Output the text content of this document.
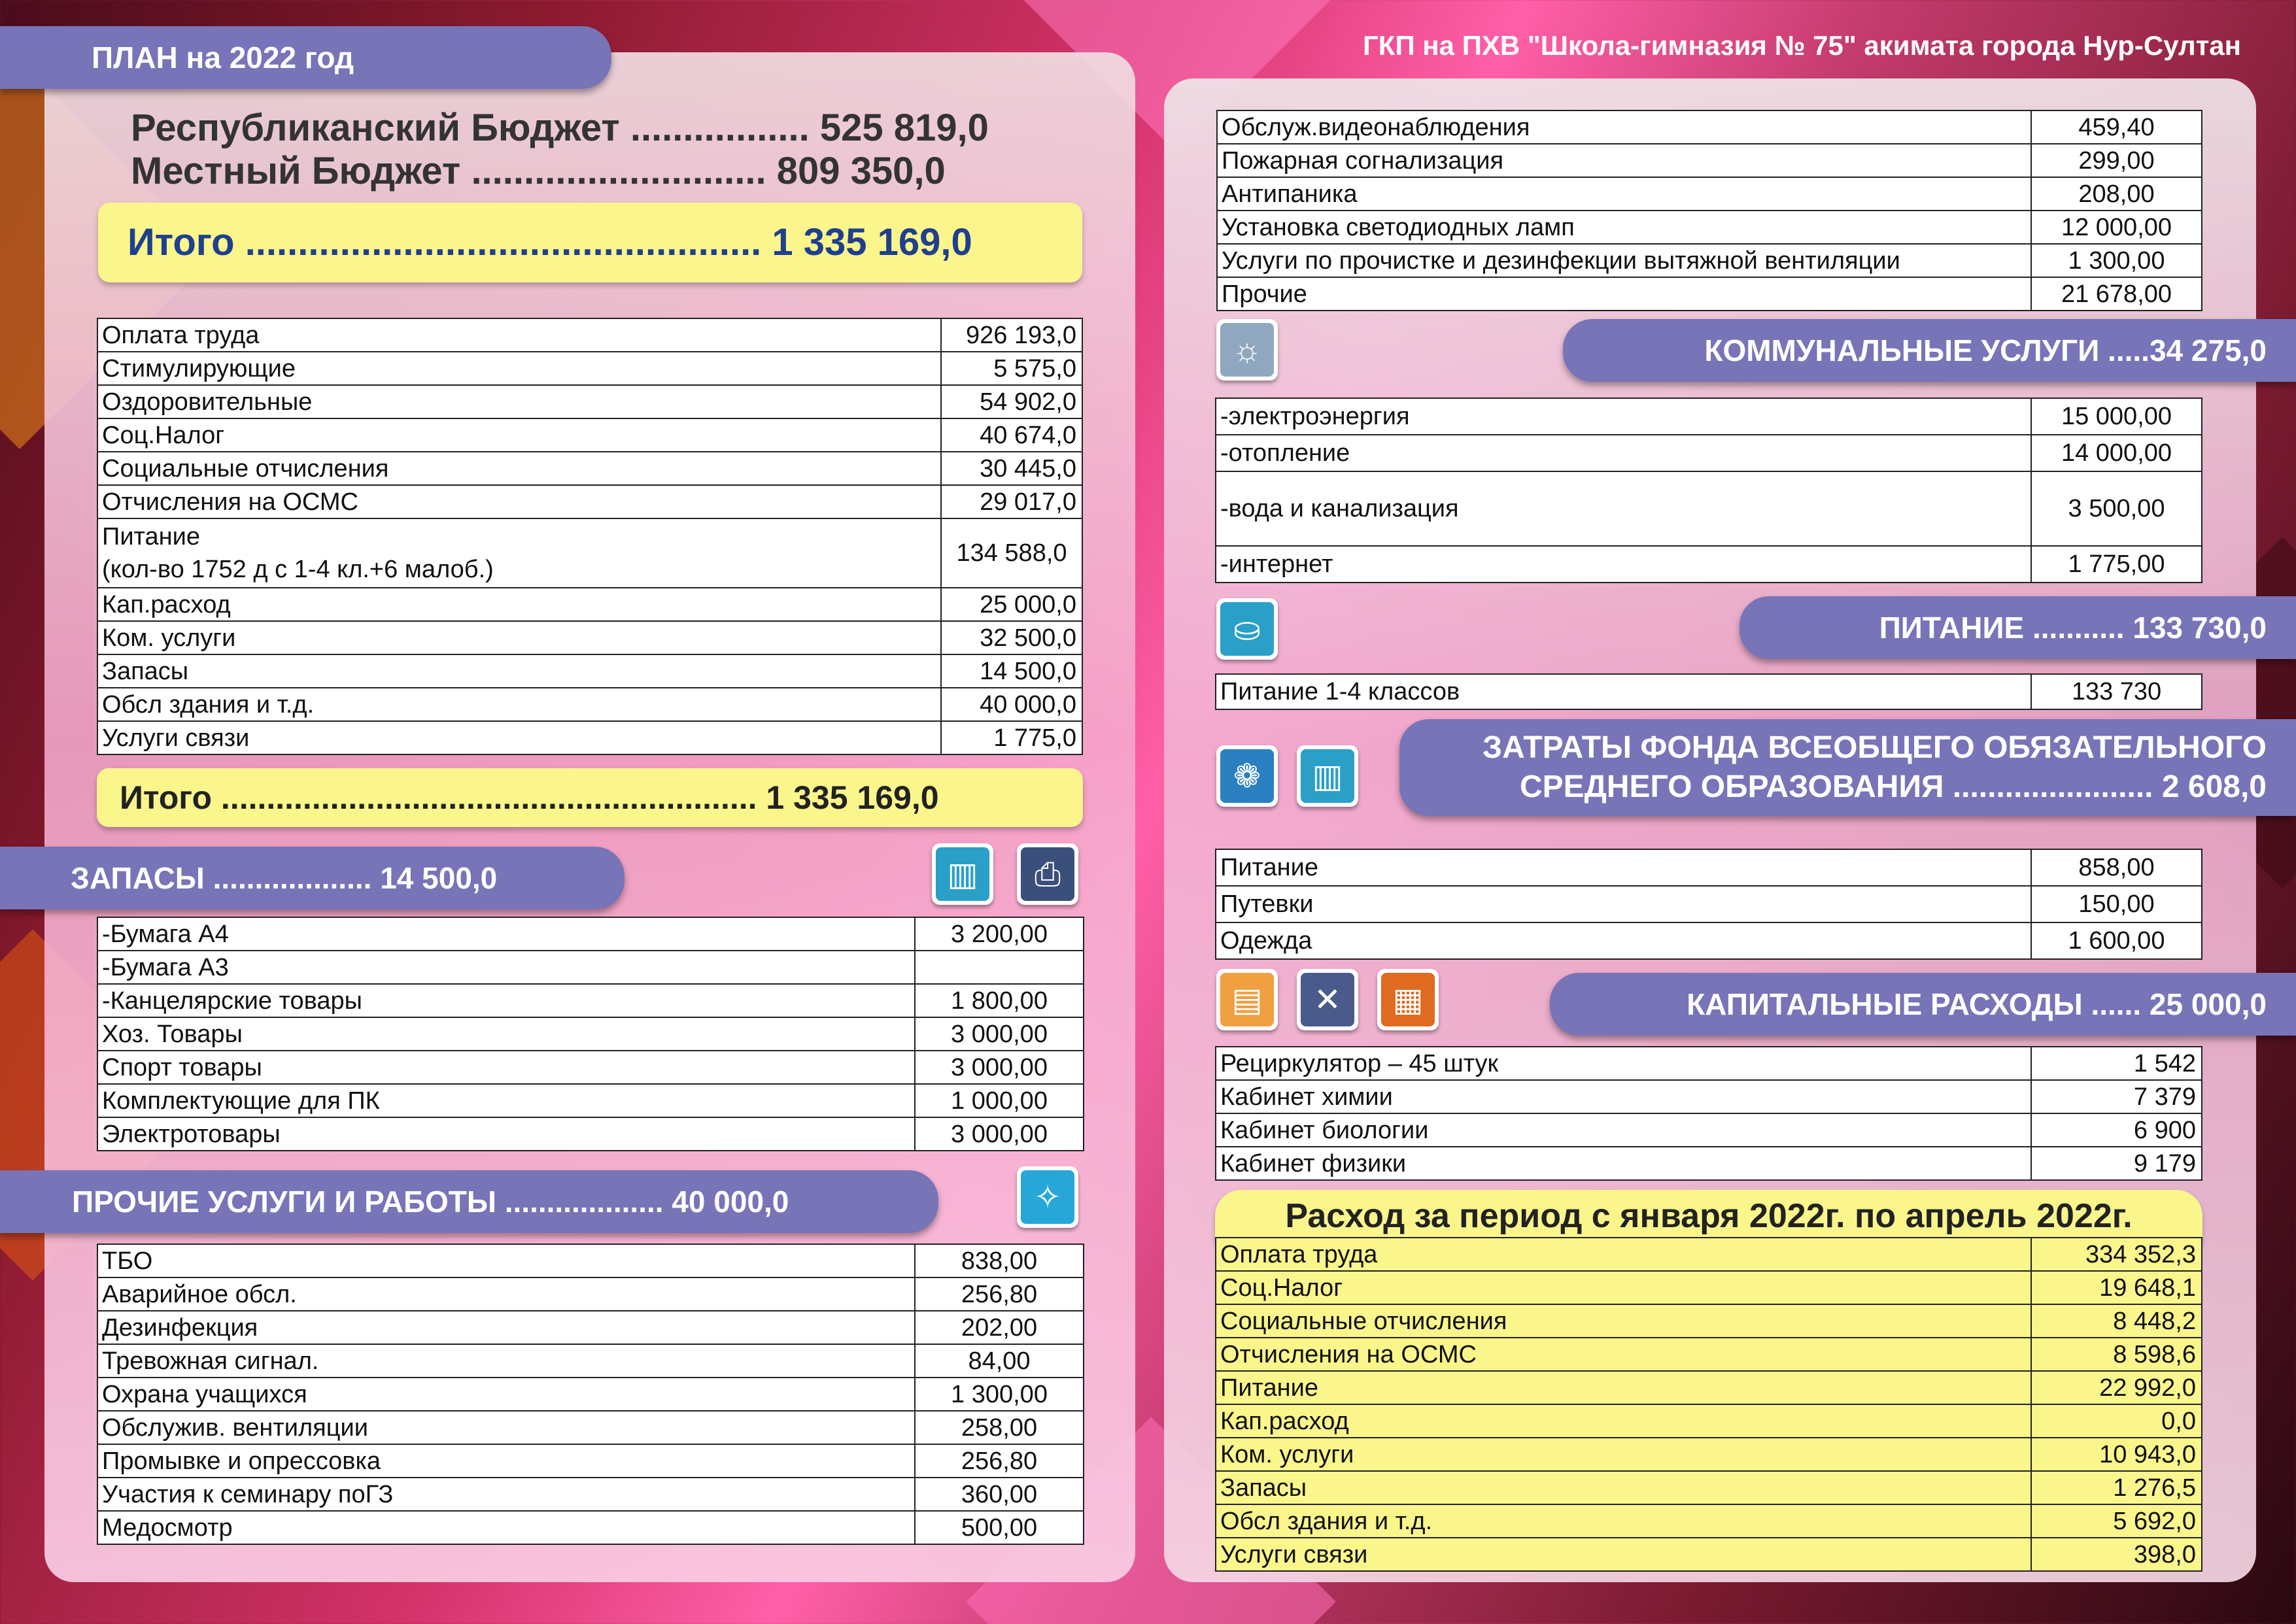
ГКП на ПХВ "Школа-гимназия № 75" акимата города Нур-Султан
ПЛАН на 2022 год
Республиканский Бюджет ................. 525 819,0
Местный Бюджет ............................ 809 350,0
Итого ................................................. 1 335 169,0
Оплата труда	926 193,0
Стимулирующие	5 575,0
Оздоровительные	54 902,0
Соц.Налог	40 674,0
Социальные отчисления	30 445,0
Отчисления на ОСМС	29 017,0

Питание
(кол-во 1752 д с 1-4 кл.+6 малоб.)	134 588,0
Кап.расход	25 000,0
Ком. услуги	32 500,0
Запасы	14 500,0
Обсл здания и т.д.	40 000,0
Услуги связи	1 775,0
Итого ........................................................... 1 335 169,0
ЗАПАСЫ ................... 14 500,0	▥	⎙
-Бумага А4	3 200,00
-Бумага А3	
-Канцелярские товары	1 800,00
Хоз. Товары	3 000,00
Спорт товары	3 000,00
Комплектующие для ПК	1 000,00
Электротовары	3 000,00
ПРОЧИЕ УСЛУГИ И РАБОТЫ ................... 40 000,0	✧
ТБО	838,00
Аварийное обсл.	256,80
Дезинфекция	202,00
Тревожная сигнал.	84,00
Охрана учащихся	1 300,00
Обслужив. вентиляции	258,00
Промывке и опрессовка	256,80
Участия к семинару поГЗ	360,00
Медосмотр	500,00
Обслуж.видеонаблюдения	459,40
Пожарная согнализация	299,00
Антипаника	208,00
Установка светодиодных ламп	12 000,00
Услуги по прочистке и дезинфекции вытяжной вентиляции	1 300,00
Прочие	21 678,00
☼	КОММУНАЛЬНЫЕ УСЛУГИ .....34 275,0
-электроэнергия	15 000,00
-отопление	14 000,00
-вода и канализация	3 500,00
-интернет	1 775,00
⛀	ПИТАНИЕ ........... 133 730,0
Питание 1-4 классов	133 730
❁	▥
ЗАТРАТЫ ФОНДА ВСЕОБЩЕГО ОБЯЗАТЕЛЬНОГО
СРЕДНЕГО ОБРАЗОВАНИЯ ....................... 2 608,0
Питание	858,00
Путевки	150,00
Одежда	1 600,00
▤	✕	▦	КАПИТАЛЬНЫЕ РАСХОДЫ ...... 25 000,0
Рециркулятор – 45 штук	1 542
Кабинет химии	7 379
Кабинет биологии	6 900
Кабинет физики	9 179
Расход за период с января 2022г. по апрель 2022г.
Оплата труда	334 352,3
Соц.Налог	19 648,1
Социальные отчисления	8 448,2
Отчисления на ОСМС	8 598,6
Питание	22 992,0
Кап.расход	0,0
Ком. услуги	10 943,0
Запасы	1 276,5
Обсл здания и т.д.	5 692,0
Услуги связи	398,0
